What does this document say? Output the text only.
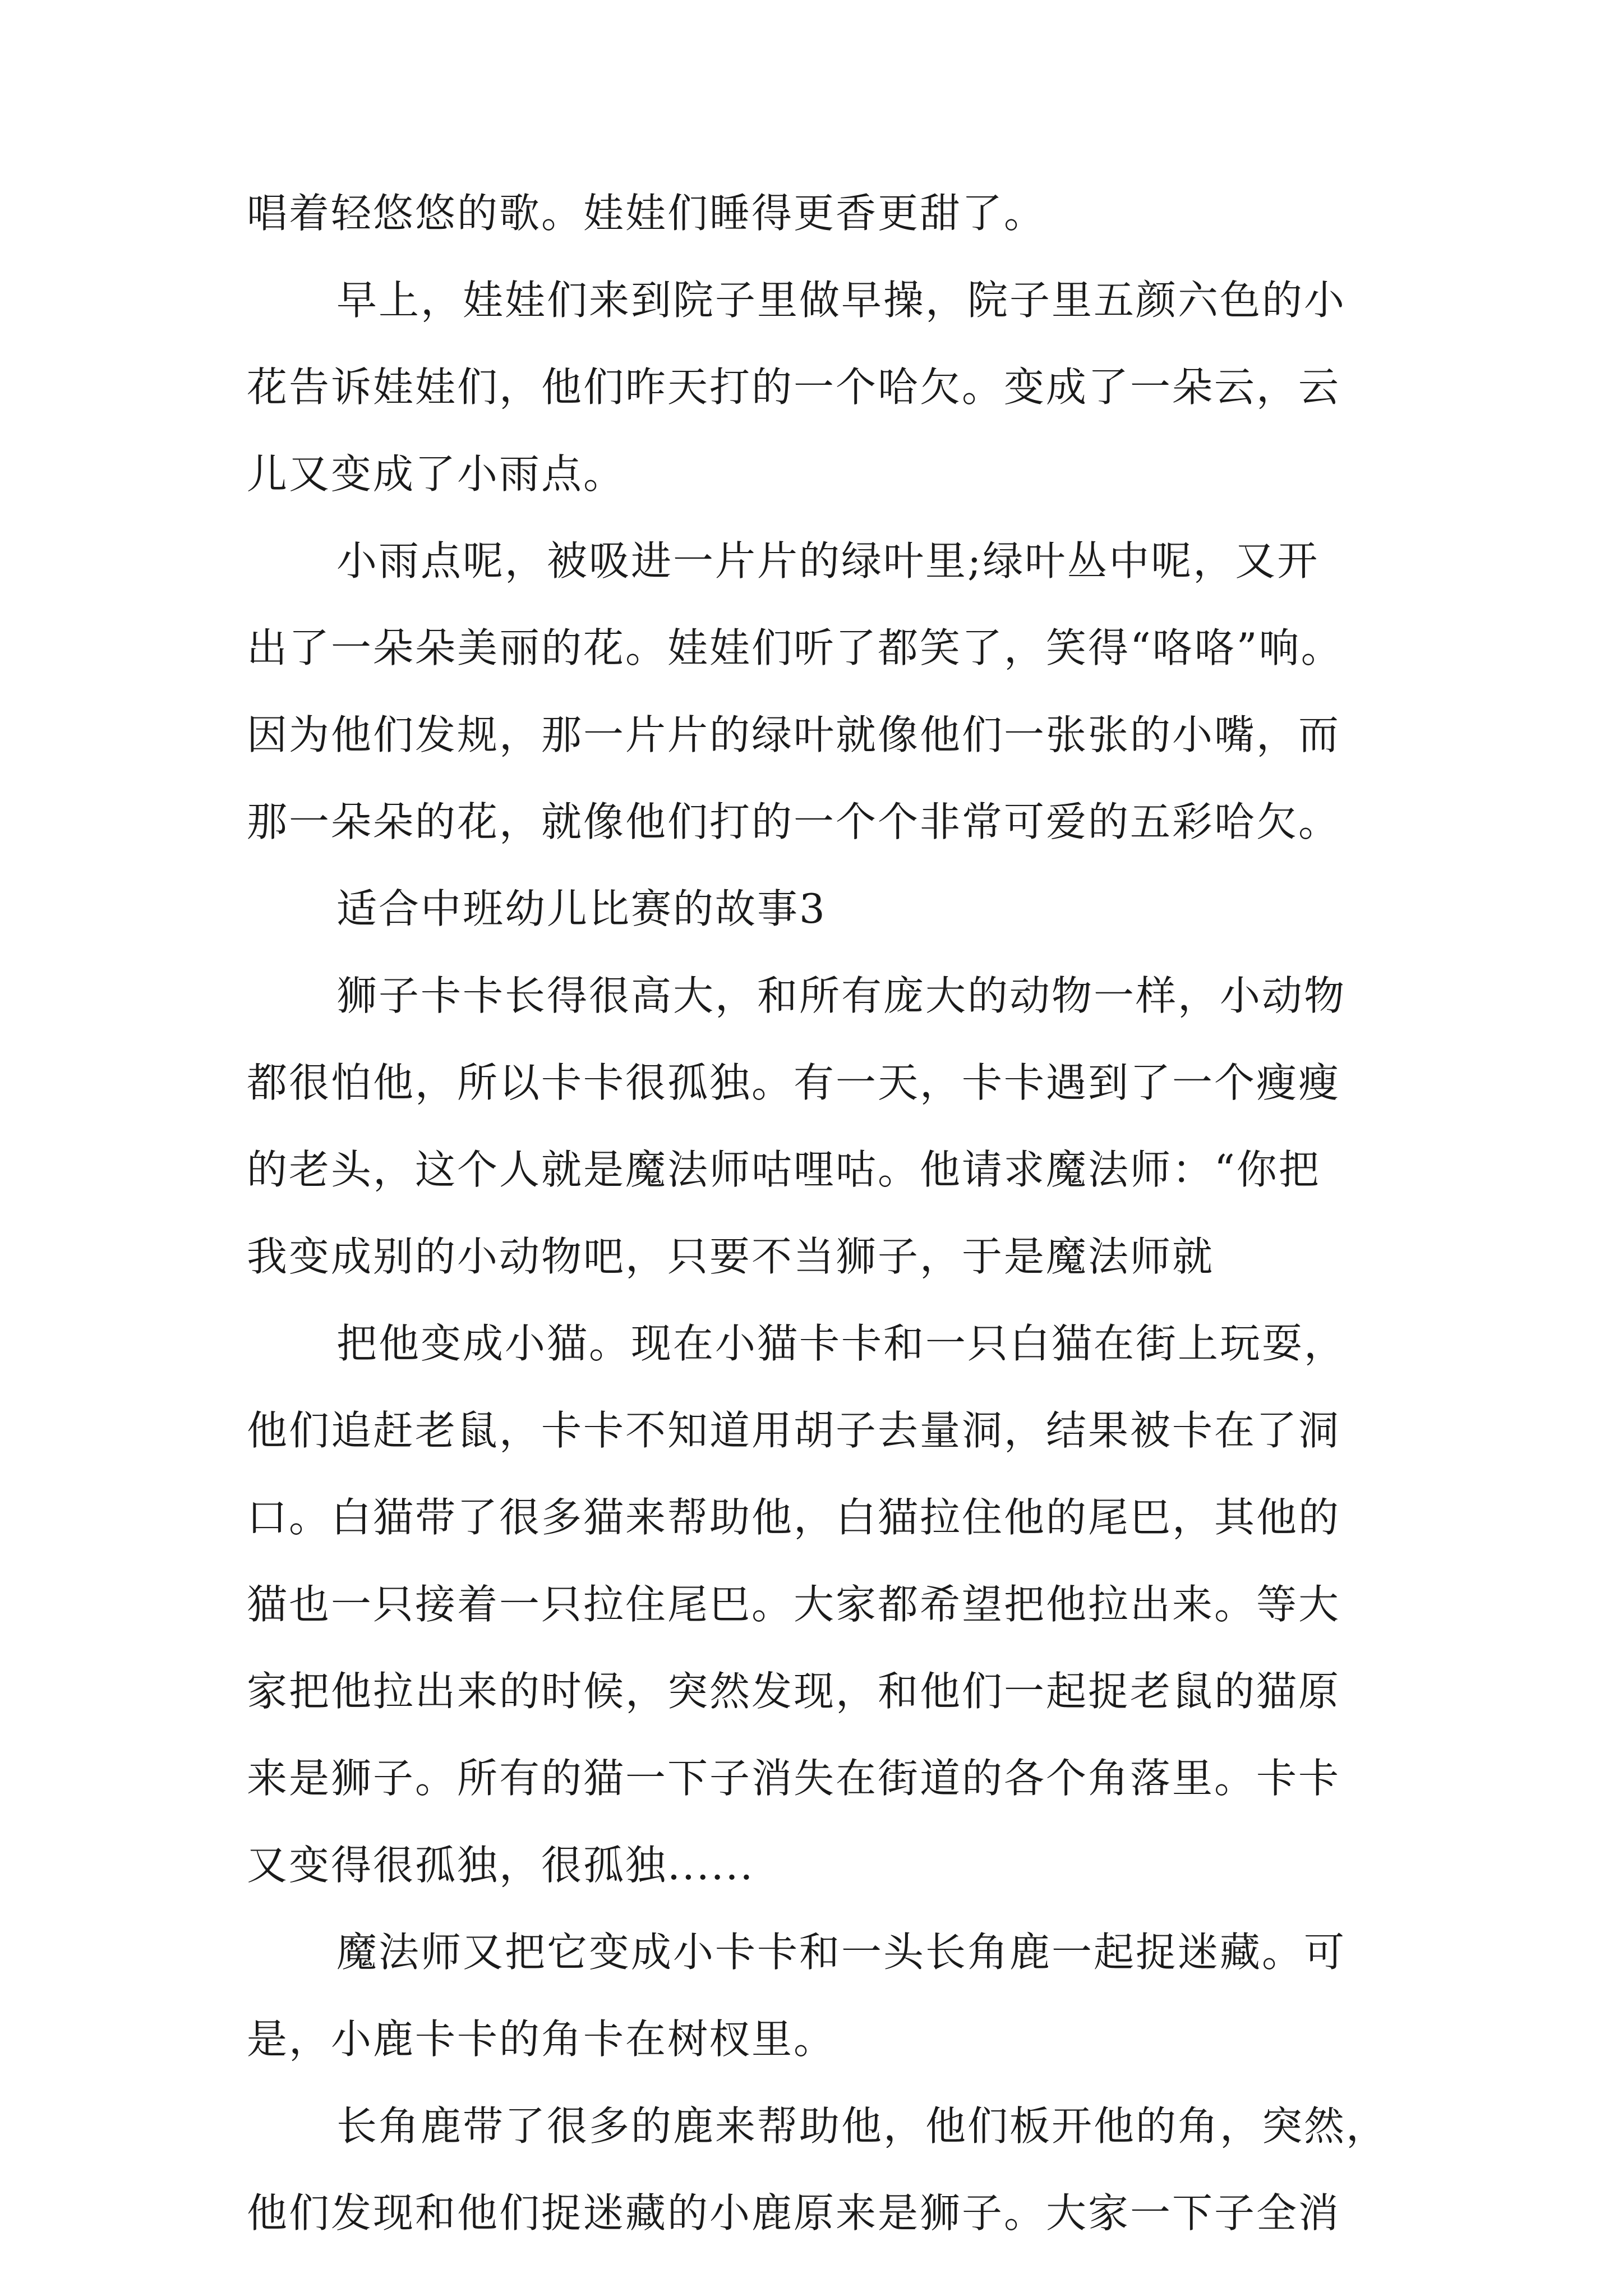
唱着轻悠悠的歌。娃娃们睡得更香更甜了。
早上，娃娃们来到院子里做早操，院子里五颜六色的小
花告诉娃娃们，他们昨天打的一个哈欠。变成了一朵云，云
儿又变成了小雨点。
小雨点呢，被吸进一片片的绿叶里;绿叶丛中呢，又开
出了一朵朵美丽的花。娃娃们听了都笑了，笑得“咯咯”响。
因为他们发规，那一片片的绿叶就像他们一张张的小嘴，而
那一朵朵的花，就像他们打的一个个非常可爱的五彩哈欠。
适合中班幼儿比赛的故事3
狮子卡卡长得很高大，和所有庞大的动物一样，小动物
都很怕他，所以卡卡很孤独。有一天，卡卡遇到了一个瘦瘦
的老头，这个人就是魔法师咕哩咕。他请求魔法师：“你把
我变成别的小动物吧，只要不当狮子，于是魔法师就
把他变成小猫。现在小猫卡卡和一只白猫在街上玩耍，
他们追赶老鼠，卡卡不知道用胡子去量洞，结果被卡在了洞
口。白猫带了很多猫来帮助他，白猫拉住他的尾巴，其他的
猫也一只接着一只拉住尾巴。大家都希望把他拉出来。等大
家把他拉出来的时候，突然发现，和他们一起捉老鼠的猫原
来是狮子。所有的猫一下子消失在街道的各个角落里。卡卡
又变得很孤独，很孤独......
魔法师又把它变成小卡卡和一头长角鹿一起捉迷藏。可
是，小鹿卡卡的角卡在树杈里。
长角鹿带了很多的鹿来帮助他，他们板开他的角，突然，
他们发现和他们捉迷藏的小鹿原来是狮子。大家一下子全消
